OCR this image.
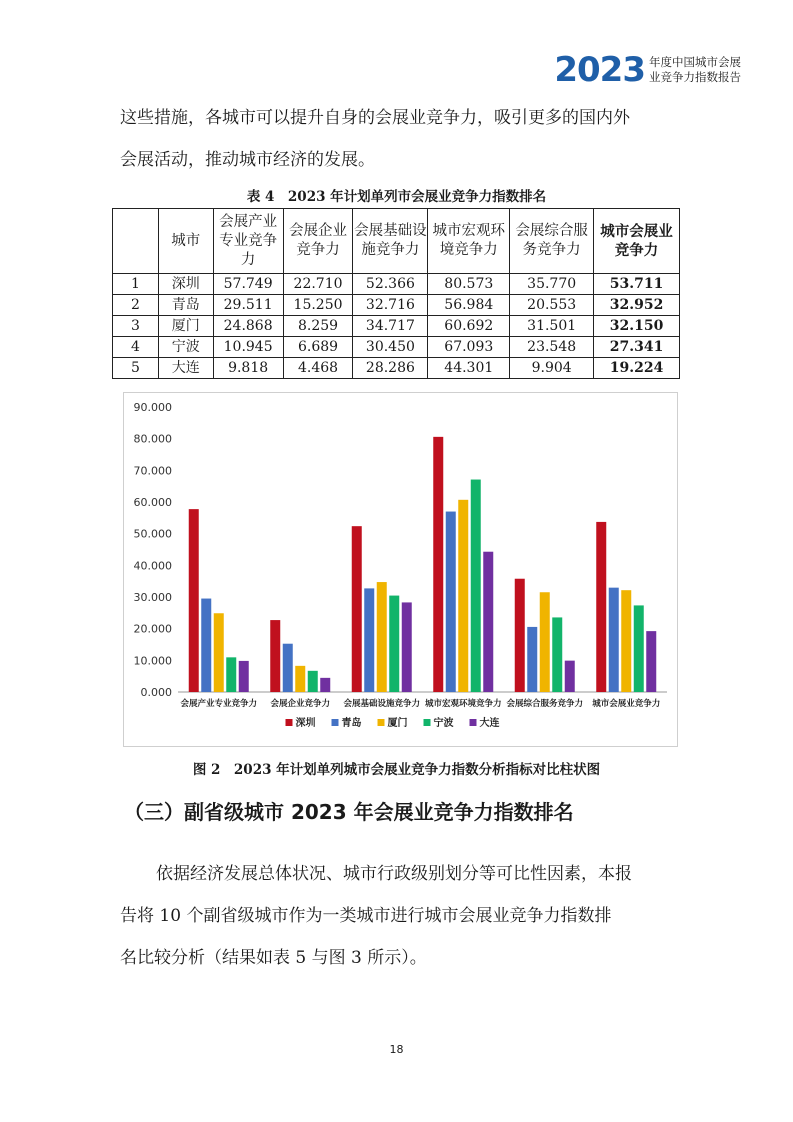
2023 年度中国城市会展
业竞争力指数报告
这些措施，各城市可以提升自身的会展业竞争力，吸引更多的国内外
会展活动，推动城市经济的发展。
表 4　2023 年计划单列市会展业竞争力指数排名
	城市	会展产业专业竞争力	会展企业竞争力	会展基础设施竞争力	城市宏观环境竞争力	会展综合服务竞争力	城市会展业竞争力
1	深圳	57.749	22.710	52.366	80.573	35.770	53.711
2	青岛	29.511	15.250	32.716	56.984	20.553	32.952
3	厦门	24.868	8.259	34.717	60.692	31.501	32.150
4	宁波	10.945	6.689	30.450	67.093	23.548	27.341
5	大连	9.818	4.468	28.286	44.301	9.904	19.224
0.000
10.000
20.000
30.000
40.000
50.000
60.000
70.000
80.000
90.000
会展产业专业竞争力 会展企业竞争力 会展基础设施竞争力 城市宏观环境竞争力 会展综合服务竞争力 城市会展业竞争力
深圳	青岛	厦门	宁波	大连
图 2　2023 年计划单列城市会展业竞争力指数分析指标对比柱状图
（三）副省级城市 2023 年会展业竞争力指数排名
依据经济发展总体状况、城市行政级别划分等可比性因素，本报
告将 10 个副省级城市作为一类城市进行城市会展业竞争力指数排
名比较分析（结果如表 5 与图 3 所示）。
18
